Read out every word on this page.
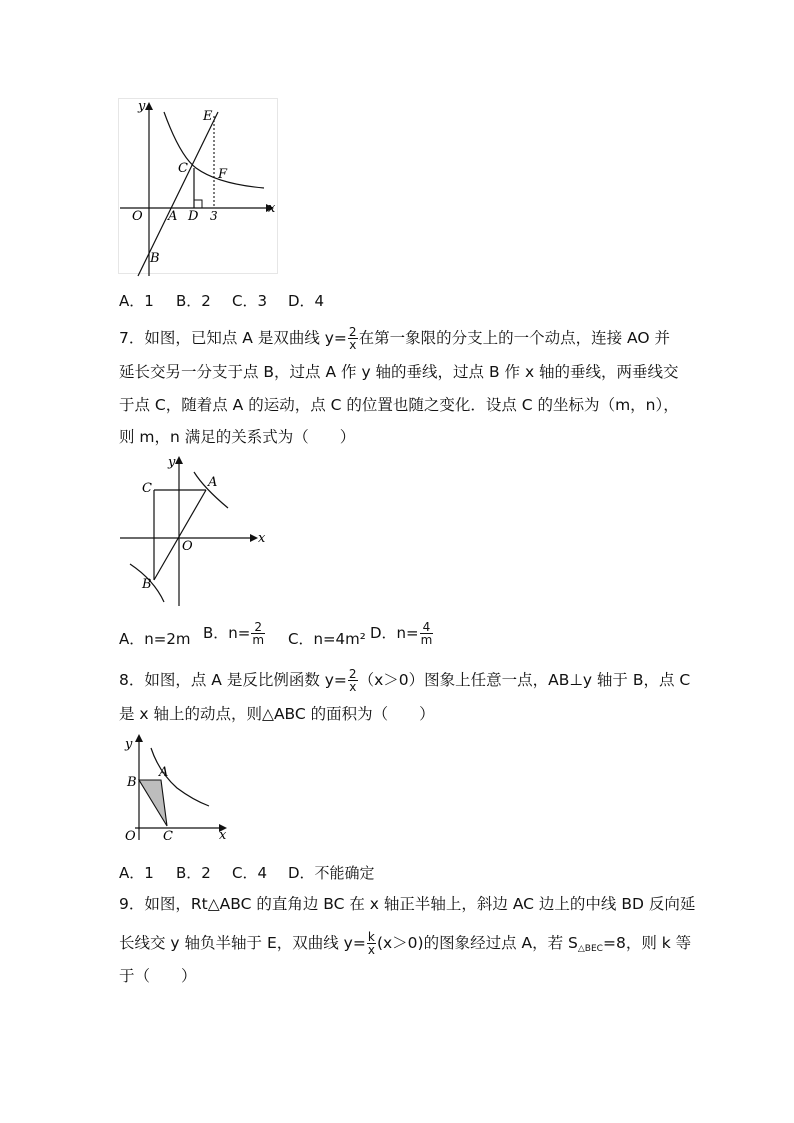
y
x
E
C F
O A D 3
B
A．1 B．2 C．3 D．4
7．如图，已知点 A 是双曲线 $y= \frac{2}{x}$ 在第一象限的分支上的一个动点，连接 AO 并
延长交另一分支于点 B，过点 A 作 y 轴的垂线，过点 B 作 x 轴的垂线，两垂线交
于点 C，随着点 A 的运动，点 C 的位置也随之变化．设点 C 的坐标为（m，n），
则 m，n 满足的关系式为（　　）
y
x
C	A
O
B
A．n=2m B．$n= \frac{2}{m}$ C．n=4m² D．$n= \frac{4}{m}$
8．如图，点 A 是反比例函数 $y= \frac{2}{x} (x>0)$图象上任意一点，AB⊥y 轴于 B，点 C
是 x 轴上的动点，则△ABC 的面积为（　　）
y
B
A
O C	x
A．1 B．2 C．4 D．不能确定
9．如图，Rt△ABC 的直角边 BC 在 x 轴正半轴上，斜边 AC 边上的中线 BD 反向延
长线交 y 轴负半轴于 E，双曲线 $y= \frac{k}{x} (x>0)$的图象经过点 A，若 $S_{\triangle BEC}=8$，则 k 等
于（　　）
